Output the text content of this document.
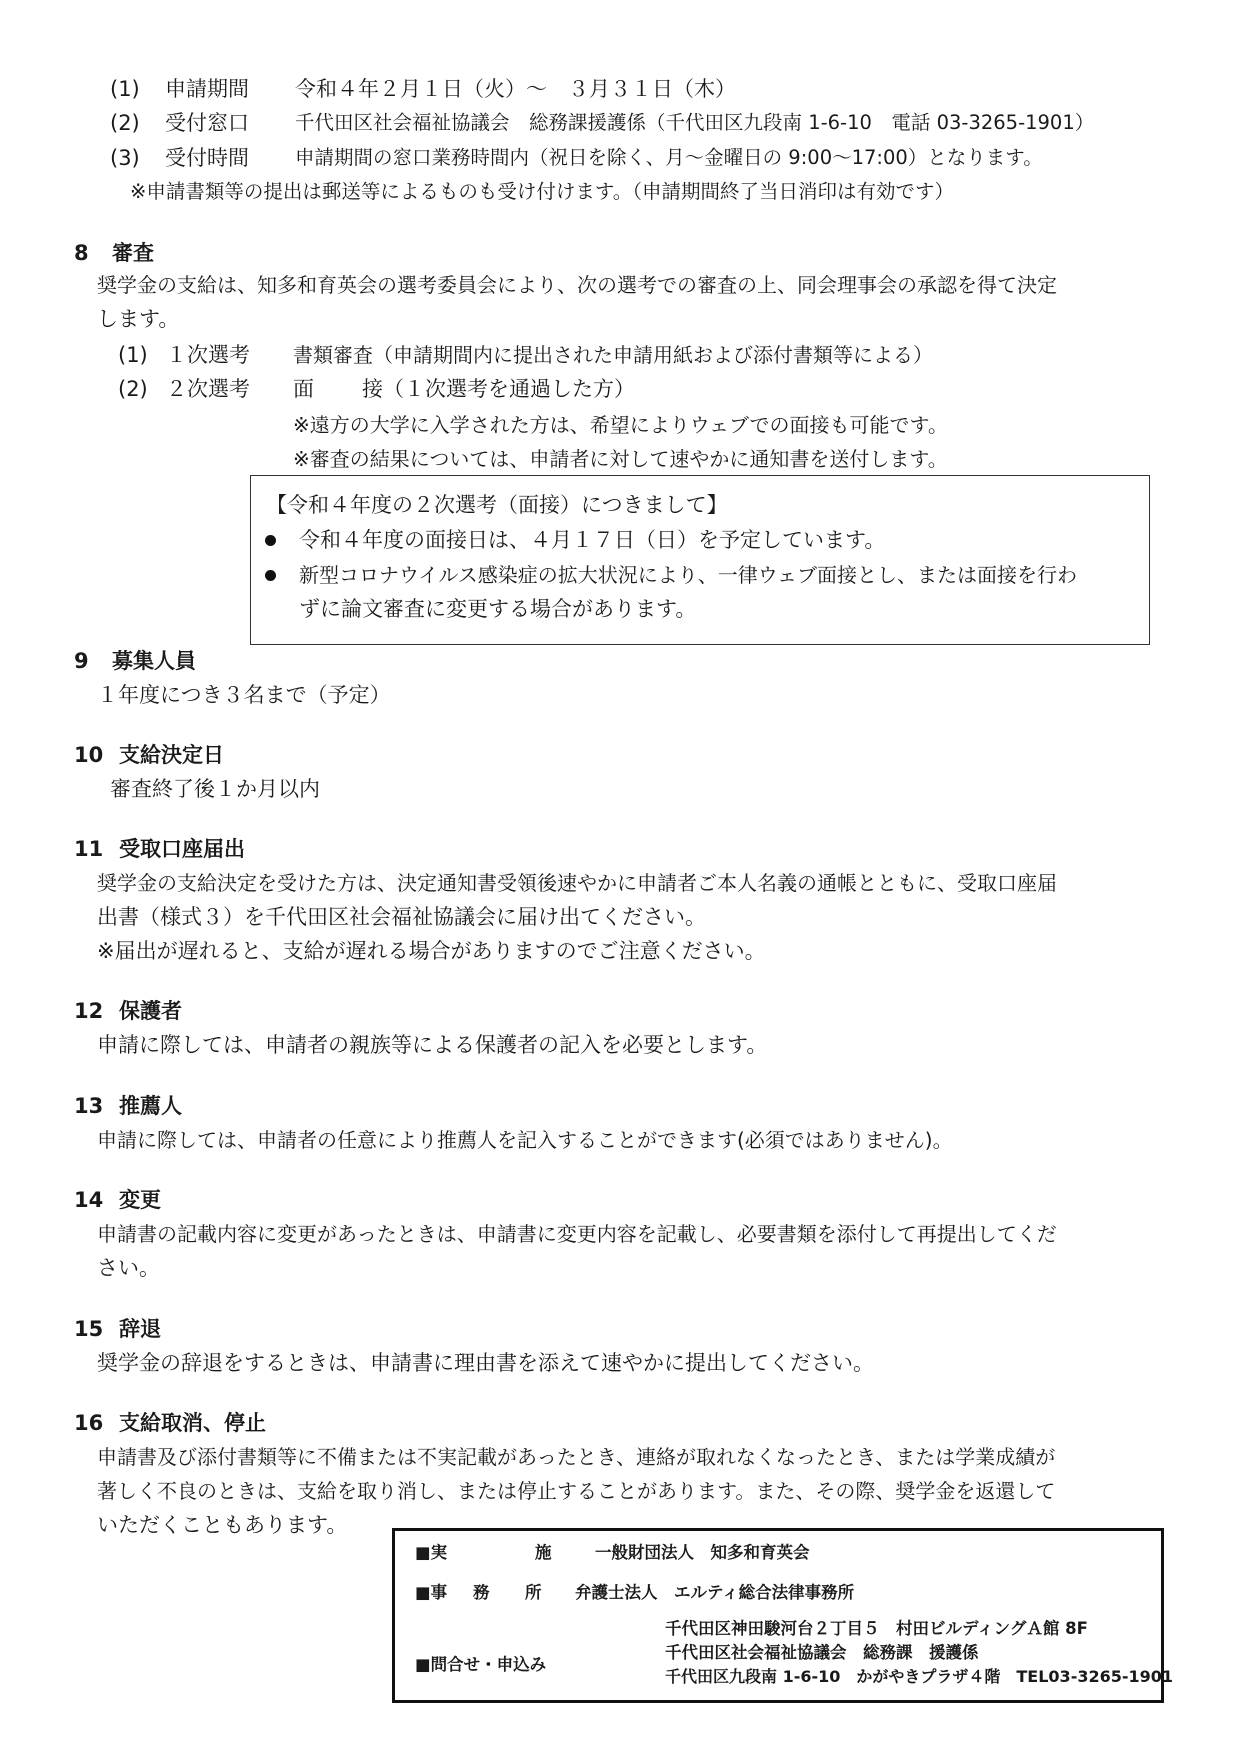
(1) 申請期間 令和４年２月１日（火）～　３月３１日（木）
(2) 受付窓口 千代田区社会福祉協議会　総務課援護係（千代田区九段南 1-6-10　電話 03-3265-1901）
(3) 受付時間 申請期間の窓口業務時間内（祝日を除く、月～金曜日の 9:00～17:00）となります。
※申請書類等の提出は郵送等によるものも受け付けます。（申請期間終了当日消印は有効です）
8 審査
奨学金の支給は、知多和育英会の選考委員会により、次の選考での審査の上、同会理事会の承認を得て決定
します。
(1) １次選考 書類審査（申請期間内に提出された申請用紙および添付書類等による）
(2) ２次選考 面 接（１次選考を通過した方）
※遠方の大学に入学された方は、希望によりウェブでの面接も可能です。
※審査の結果については、申請者に対して速やかに通知書を送付します。
【令和４年度の２次選考（面接）につきまして】
令和４年度の面接日は、４月１７日（日）を予定しています。
新型コロナウイルス感染症の拡大状況により、一律ウェブ面接とし、または面接を行わ
ずに論文審査に変更する場合があります。
9 募集人員
１年度につき３名まで（予定）
10 支給決定日
審査終了後１か月以内
11 受取口座届出
奨学金の支給決定を受けた方は、決定通知書受領後速やかに申請者ご本人名義の通帳とともに、受取口座届
出書（様式３）を千代田区社会福祉協議会に届け出てください。
※届出が遅れると、支給が遅れる場合がありますのでご注意ください。
12 保護者
申請に際しては、申請者の親族等による保護者の記入を必要とします。
13 推薦人
申請に際しては、申請者の任意により推薦人を記入することができます(必須ではありません)。
14 変更
申請書の記載内容に変更があったときは、申請書に変更内容を記載し、必要書類を添付して再提出してくだ
さい。
15 辞退
奨学金の辞退をするときは、申請書に理由書を添えて速やかに提出してください。
16 支給取消、停止
申請書及び添付書類等に不備または不実記載があったとき、連絡が取れなくなったとき、または学業成績が
著しく不良のときは、支給を取り消し、または停止することがあります。また、その際、奨学金を返還して
いただくこともあります。
■実	施	一般財団法人　知多和育英会
■事 務 所 弁護士法人　エルティ総合法律事務所
千代田区神田駿河台２丁目５　村田ビルディングＡ館 8F
■問合せ・申込み
千代田区社会福祉協議会　総務課　援護係
千代田区九段南 1-6-10　かがやきプラザ４階　TEL03-3265-1901
